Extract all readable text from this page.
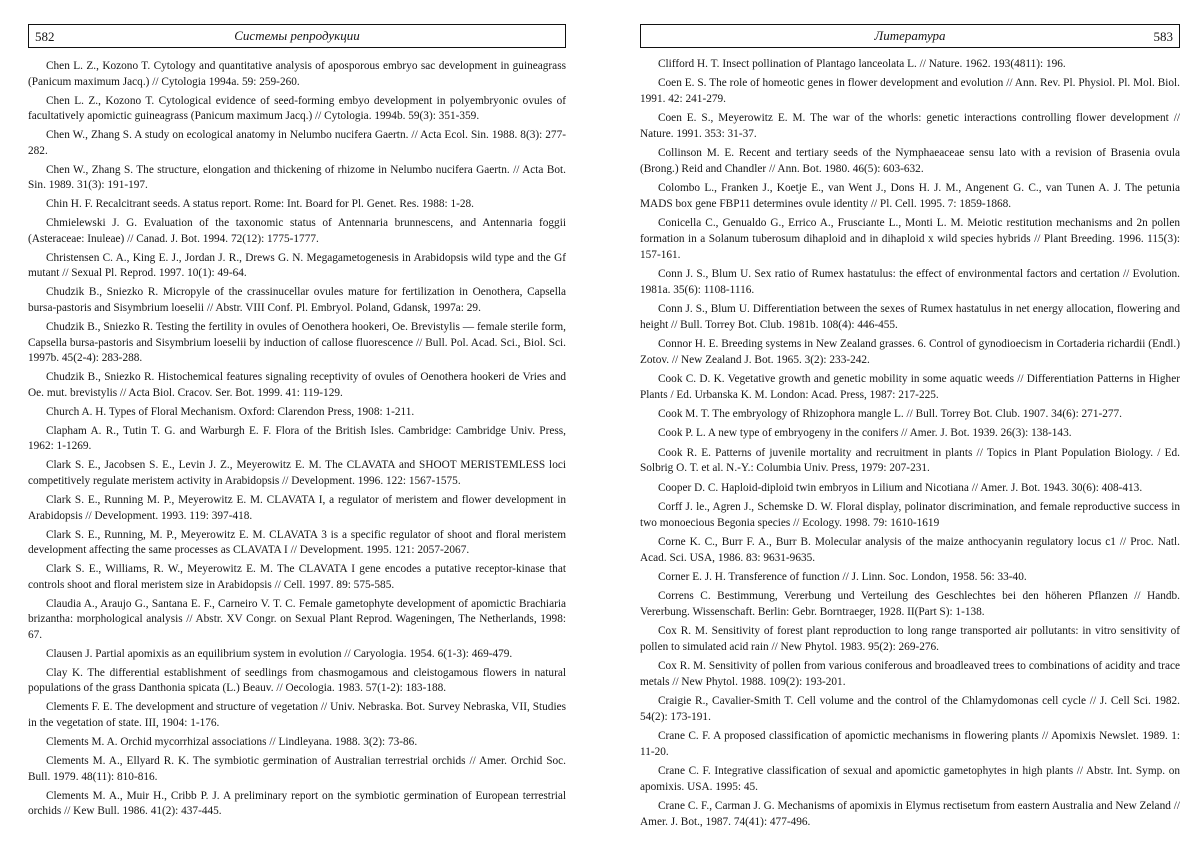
582	Системы репродукции

Chen L. Z., Kozono T. Cytology and quantitative analysis of aposporous embryo sac development in guineagrass (Panicum maximum Jacq.) // Cytologia 1994a. 59: 259-260.

Chen L. Z., Kozono T. Cytological evidence of seed-forming embyo development in polyembryonic ovules of facultatively apomictic guineagrass (Panicum maximum Jacq.) // Cytologia. 1994b. 59(3): 351-359.

Chen W., Zhang S. A study on ecological anatomy in Nelumbo nucifera Gaertn. // Acta Ecol. Sin. 1988. 8(3): 277-282.

Chen W., Zhang S. The structure, elongation and thickening of rhizome in Nelumbo nucifera Gaertn. // Acta Bot. Sin. 1989. 31(3): 191-197.

Chin H. F. Recalcitrant seeds. A status report. Rome: Int. Board for Pl. Genet. Res. 1988: 1-28.

Chmielewski J. G. Evaluation of the taxonomic status of Antennaria brunnescens, and Antennaria foggii (Asteraceae: Inuleae) // Canad. J. Bot. 1994. 72(12): 1775-1777.

Christensen C. A., King E. J., Jordan J. R., Drews G. N. Megagametogenesis in Arabidopsis wild type and the Gf mutant // Sexual Pl. Reprod. 1997. 10(1): 49-64.

Chudzik B., Sniezko R. Micropyle of the crassinucellar ovules mature for fertilization in Oenothera, Capsella bursa-pastoris and Sisymbrium loeselii // Abstr. VIII Conf. Pl. Embryol. Poland, Gdansk, 1997a: 29.

Chudzik B., Sniezko R. Testing the fertility in ovules of Oenothera hookeri, Oe. Brevistylis — female sterile form, Capsella bursa-pastoris and Sisymbrium loeselii by induction of callose fluorescence // Bull. Pol. Acad. Sci., Biol. Sci. 1997b. 45(2-4): 283-288.

Chudzik B., Sniezko R. Histochemical features signaling receptivity of ovules of Oenothera hookeri de Vries and Oe. mut. brevistylis // Acta Biol. Cracov. Ser. Bot. 1999. 41: 119-129.

Church A. H. Types of Floral Mechanism. Oxford: Clarendon Press, 1908: 1-211.

Clapham A. R., Tutin T. G. and Warburgh E. F. Flora of the British Isles. Cambridge: Cambridge Univ. Press, 1962: 1-1269.

Clark S. E., Jacobsen S. E., Levin J. Z., Meyerowitz E. M. The CLAVATA and SHOOT MERISTEMLESS loci competitively regulate meristem activity in Arabidopsis // Development. 1996. 122: 1567-1575.

Clark S. E., Running M. P., Meyerowitz E. M. CLAVATA I, a regulator of meristem and flower development in Arabidopsis // Development. 1993. 119: 397-418.

Clark S. E., Running, M. P., Meyerowitz E. M. CLAVATA 3 is a specific regulator of shoot and floral meristem development affecting the same processes as CLAVATA I // Development. 1995. 121: 2057-2067.

Clark S. E., Williams, R. W., Meyerowitz E. M. The CLAVATA I gene encodes a putative receptor-kinase that controls shoot and floral meristem size in Arabidopsis // Cell. 1997. 89: 575-585.

Claudia A., Araujo G., Santana E. F., Carneiro V. T. C. Female gametophyte development of apomictic Brachiaria brizantha: morphological analysis // Abstr. XV Congr. on Sexual Plant Reprod. Wageningen, The Netherlands, 1998: 67.

Clausen J. Partial apomixis as an equilibrium system in evolution // Caryologia. 1954. 6(1-3): 469-479.

Clay K. The differential establishment of seedlings from chasmogamous and cleistogamous flowers in natural populations of the grass Danthonia spicata (L.) Beauv. // Oecologia. 1983. 57(1-2): 183-188.

Clements F. E. The development and structure of vegetation // Univ. Nebraska. Bot. Survey Nebraska, VII, Studies in the vegetation of state. III, 1904: 1-176.

Clements M. A. Orchid mycorrhizal associations // Lindleyana. 1988. 3(2): 73-86.

Clements M. A., Ellyard R. K. The symbiotic germination of Australian terrestrial orchids // Amer. Orchid Soc. Bull. 1979. 48(11): 810-816.

Clements M. A., Muir H., Cribb P. J. A preliminary report on the symbiotic germination of European terrestrial orchids // Kew Bull. 1986. 41(2): 437-445.

Литература	583

Clifford H. T. Insect pollination of Plantago lanceolata L. // Nature. 1962. 193(4811): 196.

Coen E. S. The role of homeotic genes in flower development and evolution // Ann. Rev. Pl. Physiol. Pl. Mol. Biol. 1991. 42: 241-279.

Coen E. S., Meyerowitz E. M. The war of the whorls: genetic interactions controlling flower development // Nature. 1991. 353: 31-37.

Collinson M. E. Recent and tertiary seeds of the Nymphaeaceae sensu lato with a revision of Brasenia ovula (Brong.) Reid and Chandler // Ann. Bot. 1980. 46(5): 603-632.

Colombo L., Franken J., Koetje E., van Went J., Dons H. J. M., Angenent G. C., van Tunen A. J. The petunia MADS box gene FBP11 determines ovule identity // Pl. Cell. 1995. 7: 1859-1868.

Conicella C., Genualdo G., Errico A., Frusciante L., Monti L. M. Meiotic restitution mechanisms and 2n pollen formation in a Solanum tuberosum dihaploid and in dihaploid x wild species hybrids // Plant Breeding. 1996. 115(3): 157-161.

Conn J. S., Blum U. Sex ratio of Rumex hastatulus: the effect of environmental factors and certation // Evolution. 1981a. 35(6): 1108-1116.

Conn J. S., Blum U. Differentiation between the sexes of Rumex hastatulus in net energy allocation, flowering and height // Bull. Torrey Bot. Club. 1981b. 108(4): 446-455.

Connor H. E. Breeding systems in New Zealand grasses. 6. Control of gynodioecism in Cortaderia richardii (Endl.) Zotov. // New Zealand J. Bot. 1965. 3(2): 233-242.

Cook C. D. K. Vegetative growth and genetic mobility in some aquatic weeds // Differentiation Patterns in Higher Plants / Ed. Urbanska K. M. London: Acad. Press, 1987: 217-225.

Cook M. T. The embryology of Rhizophora mangle L. // Bull. Torrey Bot. Club. 1907. 34(6): 271-277.

Cook P. L. A new type of embryogeny in the conifers // Amer. J. Bot. 1939. 26(3): 138-143.

Cook R. E. Patterns of juvenile mortality and recruitment in plants // Topics in Plant Population Biology. / Ed. Solbrig O. T. et al. N.-Y.: Columbia Univ. Press, 1979: 207-231.

Cooper D. C. Haploid-diploid twin embryos in Lilium and Nicotiana // Amer. J. Bot. 1943. 30(6): 408-413.

Corff J. le., Agren J., Schemske D. W. Floral display, polinator discrimination, and female reproductive success in two monoecious Begonia species // Ecology. 1998. 79: 1610-1619

Corne K. C., Burr F. A., Burr B. Molecular analysis of the maize anthocyanin regulatory locus c1 // Proc. Natl. Acad. Sci. USA, 1986. 83: 9631-9635.

Corner E. J. H. Transference of function // J. Linn. Soc. London, 1958. 56: 33-40.

Correns C. Bestimmung, Vererbung und Verteilung des Geschlechtes bei den höheren Pflanzen // Handb. Vererbung. Wissenschaft. Berlin: Gebr. Borntraeger, 1928. II(Part S): 1-138.

Cox R. M. Sensitivity of forest plant reproduction to long range transported air pollutants: in vitro sensitivity of pollen to simulated acid rain // New Phytol. 1983. 95(2): 269-276.

Cox R. M. Sensitivity of pollen from various coniferous and broadleaved trees to combinations of acidity and trace metals // New Phytol. 1988. 109(2): 193-201.

Craigie R., Cavalier-Smith T. Cell volume and the control of the Chlamydomonas cell cycle // J. Cell Sci. 1982. 54(2): 173-191.

Crane C. F. A proposed classification of apomictic mechanisms in flowering plants // Apomixis Newslet. 1989. 1: 11-20.

Crane C. F. Integrative classification of sexual and apomictic gametophytes in high plants // Abstr. Int. Symp. on apomixis. USA. 1995: 45.

Crane C. F., Carman J. G. Mechanisms of apomixis in Elymus rectisetum from eastern Australia and New Zeland // Amer. J. Bot., 1987. 74(41): 477-496.
